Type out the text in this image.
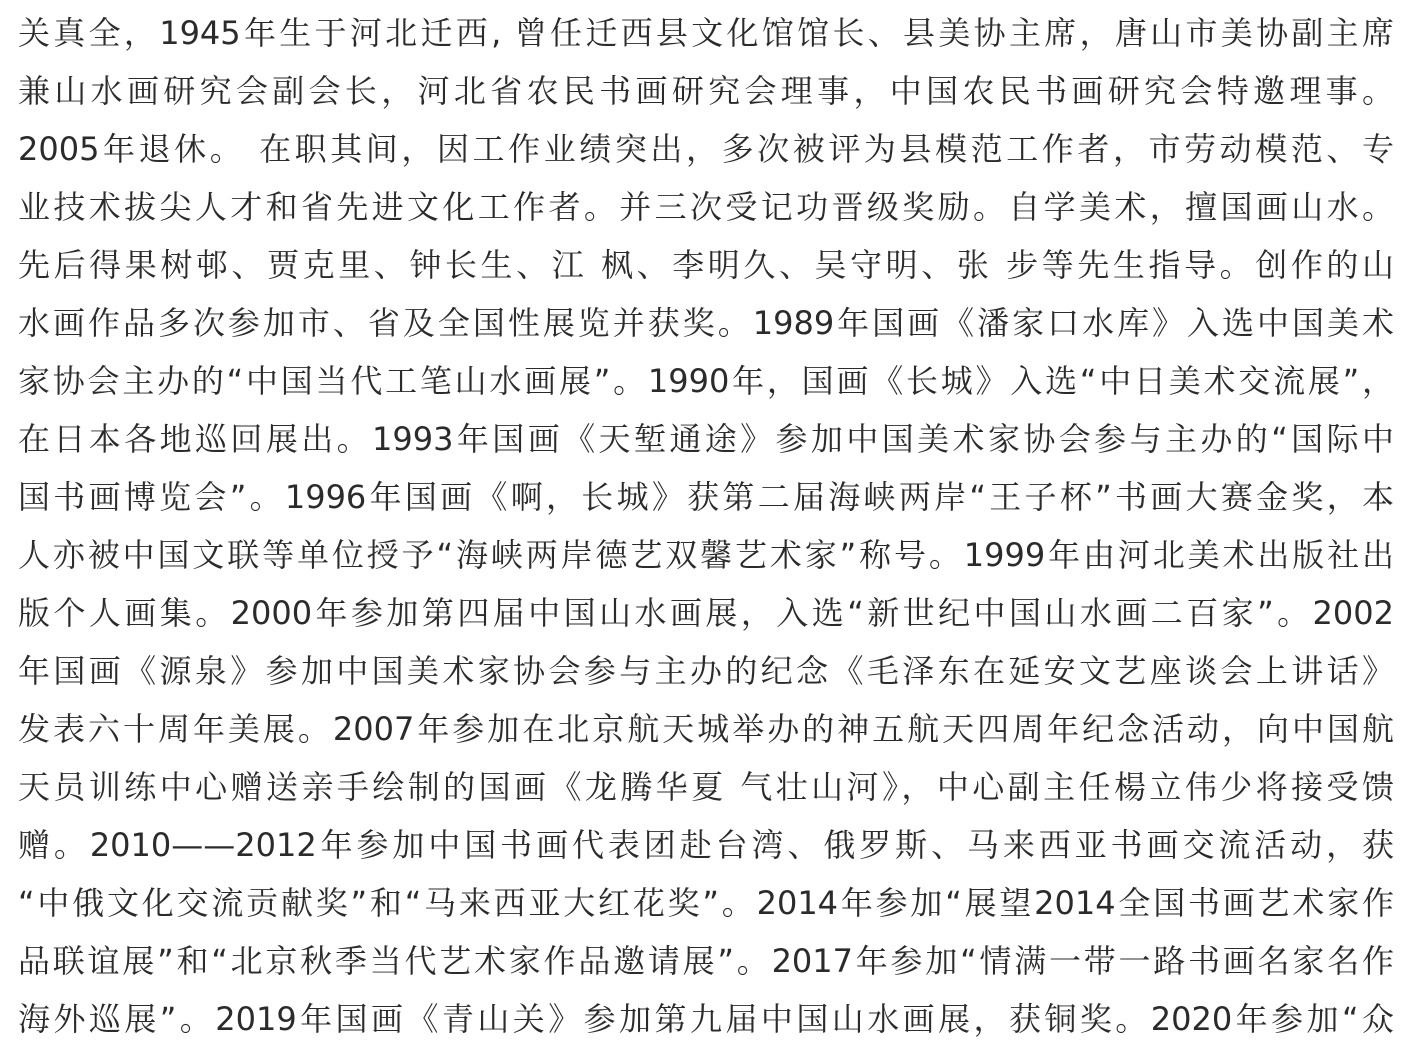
关真全，1945年生于河北迁西, 曾任迁西县文化馆馆长、县美协主席，唐山市美协副主席
兼山水画研究会副会长，河北省农民书画研究会理事，中国农民书画研究会特邀理事。
2005年退休。 在职其间，因工作业绩突出，多次被评为县模范工作者，市劳动模范、专
业技术拔尖人才和省先进文化工作者。并三次受记功晋级奖励。自学美术，擅国画山水。
先后得果树邨、贾克里、钟长生、江 枫、李明久、吴守明、张 步等先生指导。创作的山
水画作品多次参加市、省及全国性展览并获奖。1989年国画《潘家口水库》入选中国美术
家协会主办的“中国当代工笔山水画展”。1990年，国画《长城》入选“中日美术交流展”，
在日本各地巡回展出。1993年国画《天堑通途》参加中国美术家协会参与主办的“国际中
国书画博览会”。1996年国画《啊，长城》获第二届海峡两岸“王子杯”书画大赛金奖，本
人亦被中国文联等单位授予“海峡两岸德艺双馨艺术家”称号。1999年由河北美术出版社出
版个人画集。2000年参加第四届中国山水画展，入选“新世纪中国山水画二百家”。2002
年国画《源泉》参加中国美术家协会参与主办的纪念《毛泽东在延安文艺座谈会上讲话》
发表六十周年美展。2007年参加在北京航天城举办的神五航天四周年纪念活动，向中国航
天员训练中心赠送亲手绘制的国画《龙腾华夏 气壮山河》，中心副主任楊立伟少将接受馈
赠。2010——2012年参加中国书画代表团赴台湾、俄罗斯、马来西亚书画交流活动，获
“中俄文化交流贡献奖”和“马来西亚大红花奖”。2014年参加“展望2014全国书画艺术家作
品联谊展”和“北京秋季当代艺术家作品邀请展”。2017年参加“情满一带一路书画名家名作
海外巡展”。2019年国画《青山关》参加第九届中国山水画展，获铜奖。2020年参加“众
